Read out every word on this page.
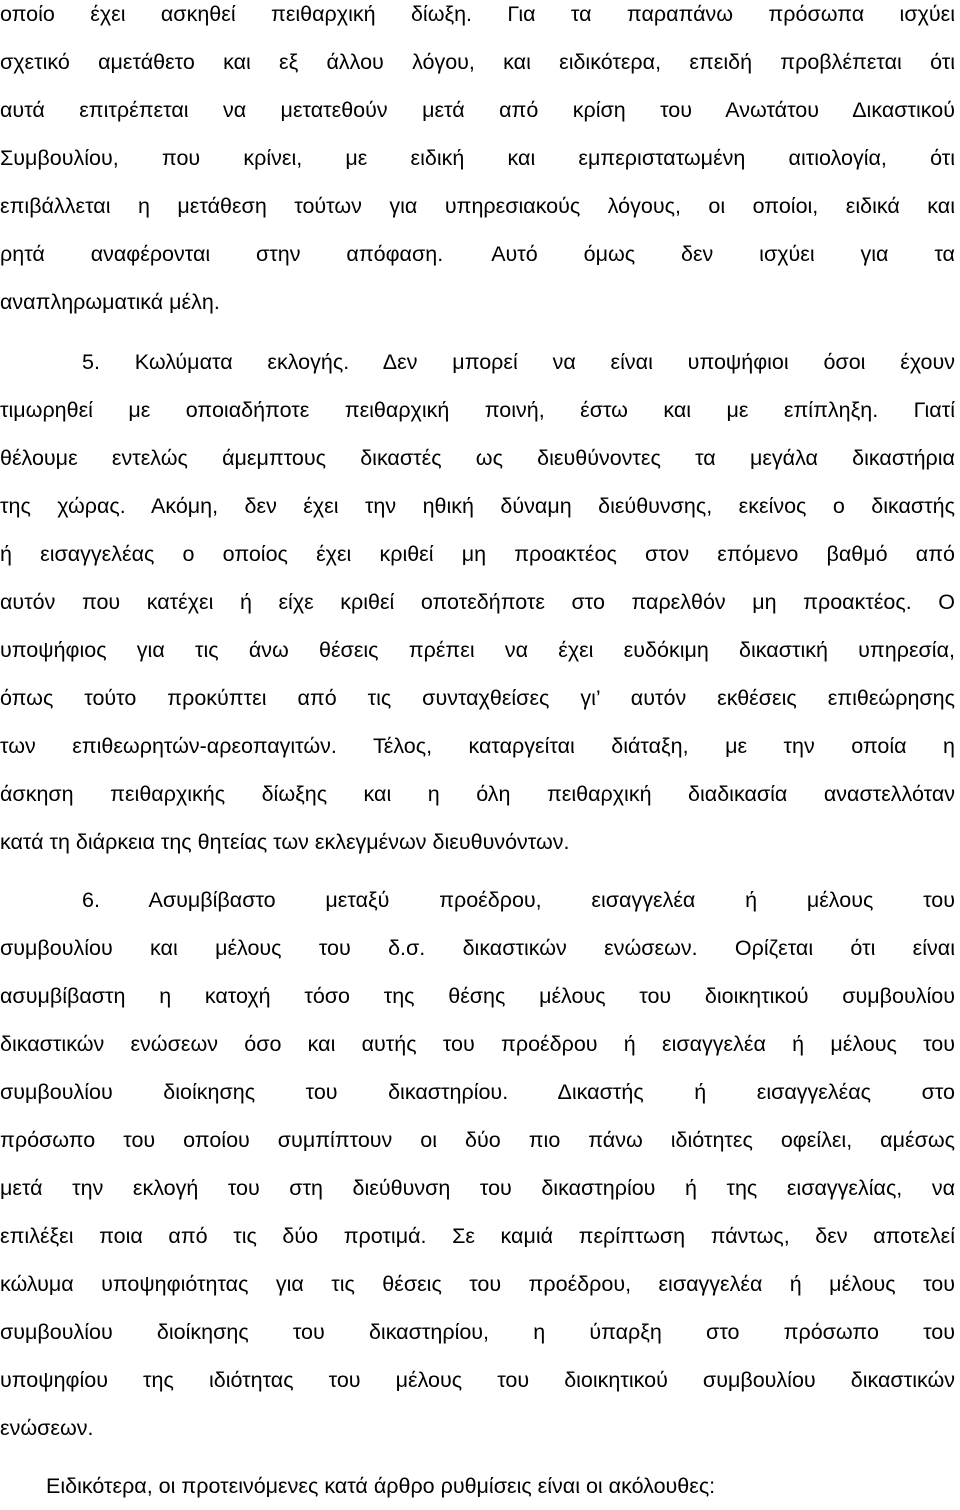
οποίο έχει ασκηθεί πειθαρχική δίωξη. Για τα παραπάνω πρόσωπα ισχύει
σχετικό αμετάθετο και εξ άλλου λόγου, και ειδικότερα, επειδή προβλέπεται ότι
αυτά επιτρέπεται να μετατεθούν μετά από κρίση του Ανωτάτου Δικαστικού
Συμβουλίου, που κρίνει, με ειδική και εμπεριστατωμένη αιτιολογία, ότι
επιβάλλεται η μετάθεση τούτων για υπηρεσιακούς λόγους, οι οποίοι, ειδικά και
ρητά αναφέρονται στην απόφαση. Αυτό όμως δεν ισχύει για τα
αναπληρωματικά μέλη.
5. Κωλύματα εκλογής. Δεν μπορεί να είναι υποψήφιοι όσοι έχουν
τιμωρηθεί με οποιαδήποτε πειθαρχική ποινή, έστω και με επίπληξη. Γιατί
θέλουμε εντελώς άμεμπτους δικαστές ως διευθύνοντες τα μεγάλα δικαστήρια
της χώρας. Ακόμη, δεν έχει την ηθική δύναμη διεύθυνσης, εκείνος ο δικαστής
ή εισαγγελέας ο οποίος έχει κριθεί μη προακτέος στον επόμενο βαθμό από
αυτόν που κατέχει ή είχε κριθεί οποτεδήποτε στο παρελθόν μη προακτέος. Ο
υποψήφιος για τις άνω θέσεις πρέπει να έχει ευδόκιμη δικαστική υπηρεσία,
όπως τούτο προκύπτει από τις συνταχθείσες γι’ αυτόν εκθέσεις επιθεώρησης
των επιθεωρητών-αρεοπαγιτών. Τέλος, καταργείται διάταξη, με την οποία η
άσκηση πειθαρχικής δίωξης και η όλη πειθαρχική διαδικασία αναστελλόταν
κατά τη διάρκεια της θητείας των εκλεγμένων διευθυνόντων.
6. Ασυμβίβαστο μεταξύ προέδρου, εισαγγελέα ή μέλους του
συμβουλίου και μέλους του δ.σ. δικαστικών ενώσεων. Ορίζεται ότι είναι
ασυμβίβαστη η κατοχή τόσο της θέσης μέλους του διοικητικού συμβουλίου
δικαστικών ενώσεων όσο και αυτής του προέδρου ή εισαγγελέα ή μέλους του
συμβουλίου διοίκησης του δικαστηρίου. Δικαστής ή εισαγγελέας στο
πρόσωπο του οποίου συμπίπτουν οι δύο πιο πάνω ιδιότητες οφείλει, αμέσως
μετά την εκλογή του στη διεύθυνση του δικαστηρίου ή της εισαγγελίας, να
επιλέξει ποια από τις δύο προτιμά. Σε καμιά περίπτωση πάντως, δεν αποτελεί
κώλυμα υποψηφιότητας για τις θέσεις του προέδρου, εισαγγελέα ή μέλους του
συμβουλίου διοίκησης του δικαστηρίου, η ύπαρξη στο πρόσωπο του
υποψηφίου της ιδιότητας του μέλους του διοικητικού συμβουλίου δικαστικών
ενώσεων.
Ειδικότερα, οι προτεινόμενες κατά άρθρο ρυθμίσεις είναι οι ακόλουθες:
